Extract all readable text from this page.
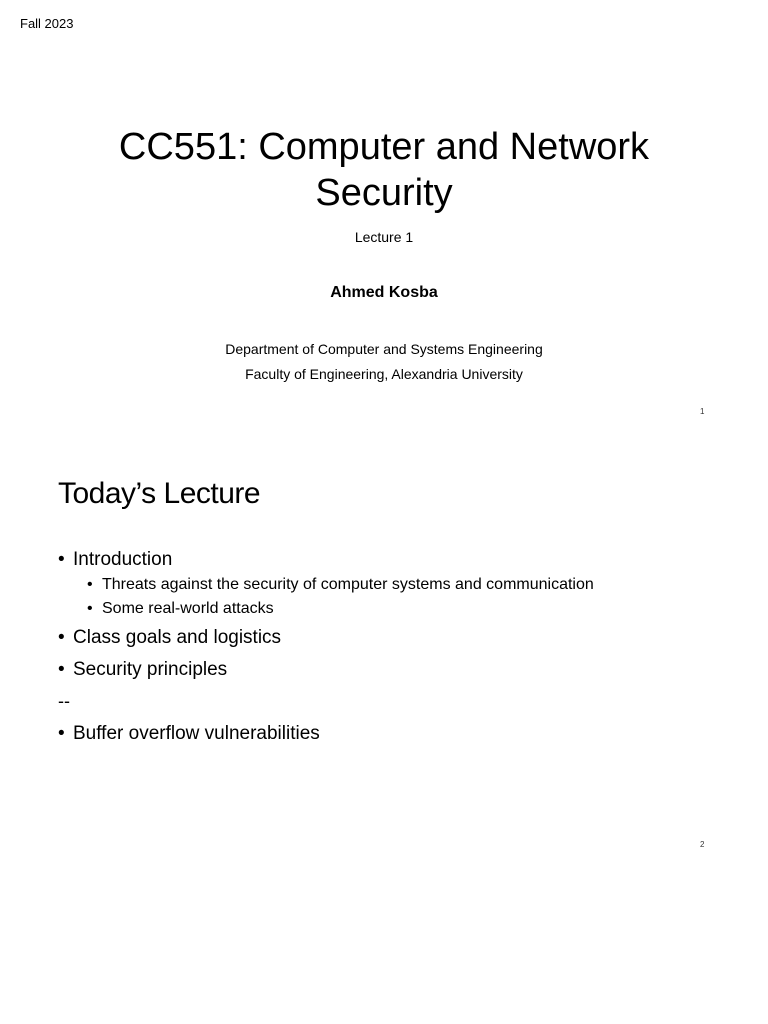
Fall 2023
CC551: Computer and Network
Security
Lecture 1
Ahmed Kosba
Department of Computer and Systems Engineering
Faculty of Engineering, Alexandria University
1
Today’s Lecture
• Introduction
• Threats against the security of computer systems and communication
• Some real-world attacks
• Class goals and logistics
• Security principles
--
• Buffer overflow vulnerabilities
2
